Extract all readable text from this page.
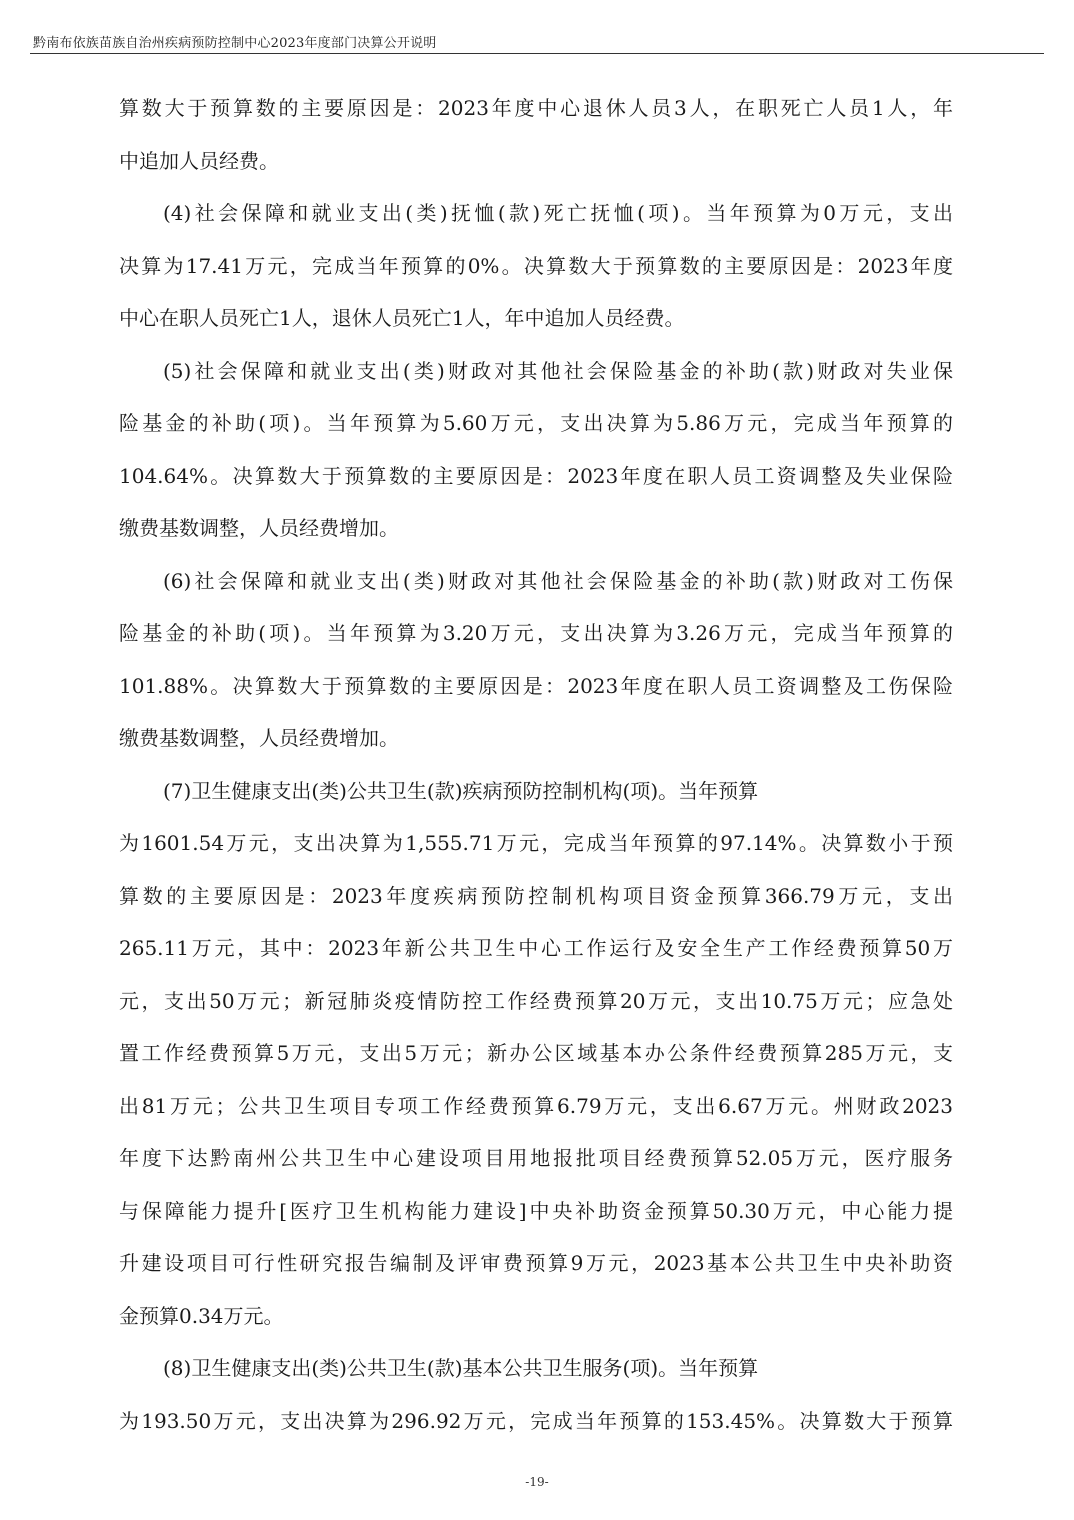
黔南布依族苗族自治州疾病预防控制中心2023年度部门决算公开说明
算数大于预算数的主要原因是：2023年度中心退休人员3人，在职死亡人员1人，年
中追加人员经费。
(4)社会保障和就业支出(类)抚恤(款)死亡抚恤(项)。当年预算为0万元，支出
决算为17.41万元，完成当年预算的0%。决算数大于预算数的主要原因是：2023年度
中心在职人员死亡1人，退休人员死亡1人，年中追加人员经费。
(5)社会保障和就业支出(类)财政对其他社会保险基金的补助(款)财政对失业保
险基金的补助(项)。当年预算为5.60万元，支出决算为5.86万元，完成当年预算的
104.64%。决算数大于预算数的主要原因是：2023年度在职人员工资调整及失业保险
缴费基数调整，人员经费增加。
(6)社会保障和就业支出(类)财政对其他社会保险基金的补助(款)财政对工伤保
险基金的补助(项)。当年预算为3.20万元，支出决算为3.26万元，完成当年预算的
101.88%。决算数大于预算数的主要原因是：2023年度在职人员工资调整及工伤保险
缴费基数调整，人员经费增加。
(7)卫生健康支出(类)公共卫生(款)疾病预防控制机构(项)。当年预算
为1601.54万元，支出决算为1,555.71万元，完成当年预算的97.14%。决算数小于预
算数的主要原因是：2023年度疾病预防控制机构项目资金预算366.79万元，支出
265.11万元，其中：2023年新公共卫生中心工作运行及安全生产工作经费预算50万
元，支出50万元；新冠肺炎疫情防控工作经费预算20万元，支出10.75万元；应急处
置工作经费预算5万元，支出5万元；新办公区域基本办公条件经费预算285万元，支
出81万元；公共卫生项目专项工作经费预算6.79万元，支出6.67万元。州财政2023
年度下达黔南州公共卫生中心建设项目用地报批项目经费预算52.05万元，医疗服务
与保障能力提升[医疗卫生机构能力建设]中央补助资金预算50.30万元，中心能力提
升建设项目可行性研究报告编制及评审费预算9万元，2023基本公共卫生中央补助资
金预算0.34万元。
(8)卫生健康支出(类)公共卫生(款)基本公共卫生服务(项)。当年预算
为193.50万元，支出决算为296.92万元，完成当年预算的153.45%。决算数大于预算
-19-
